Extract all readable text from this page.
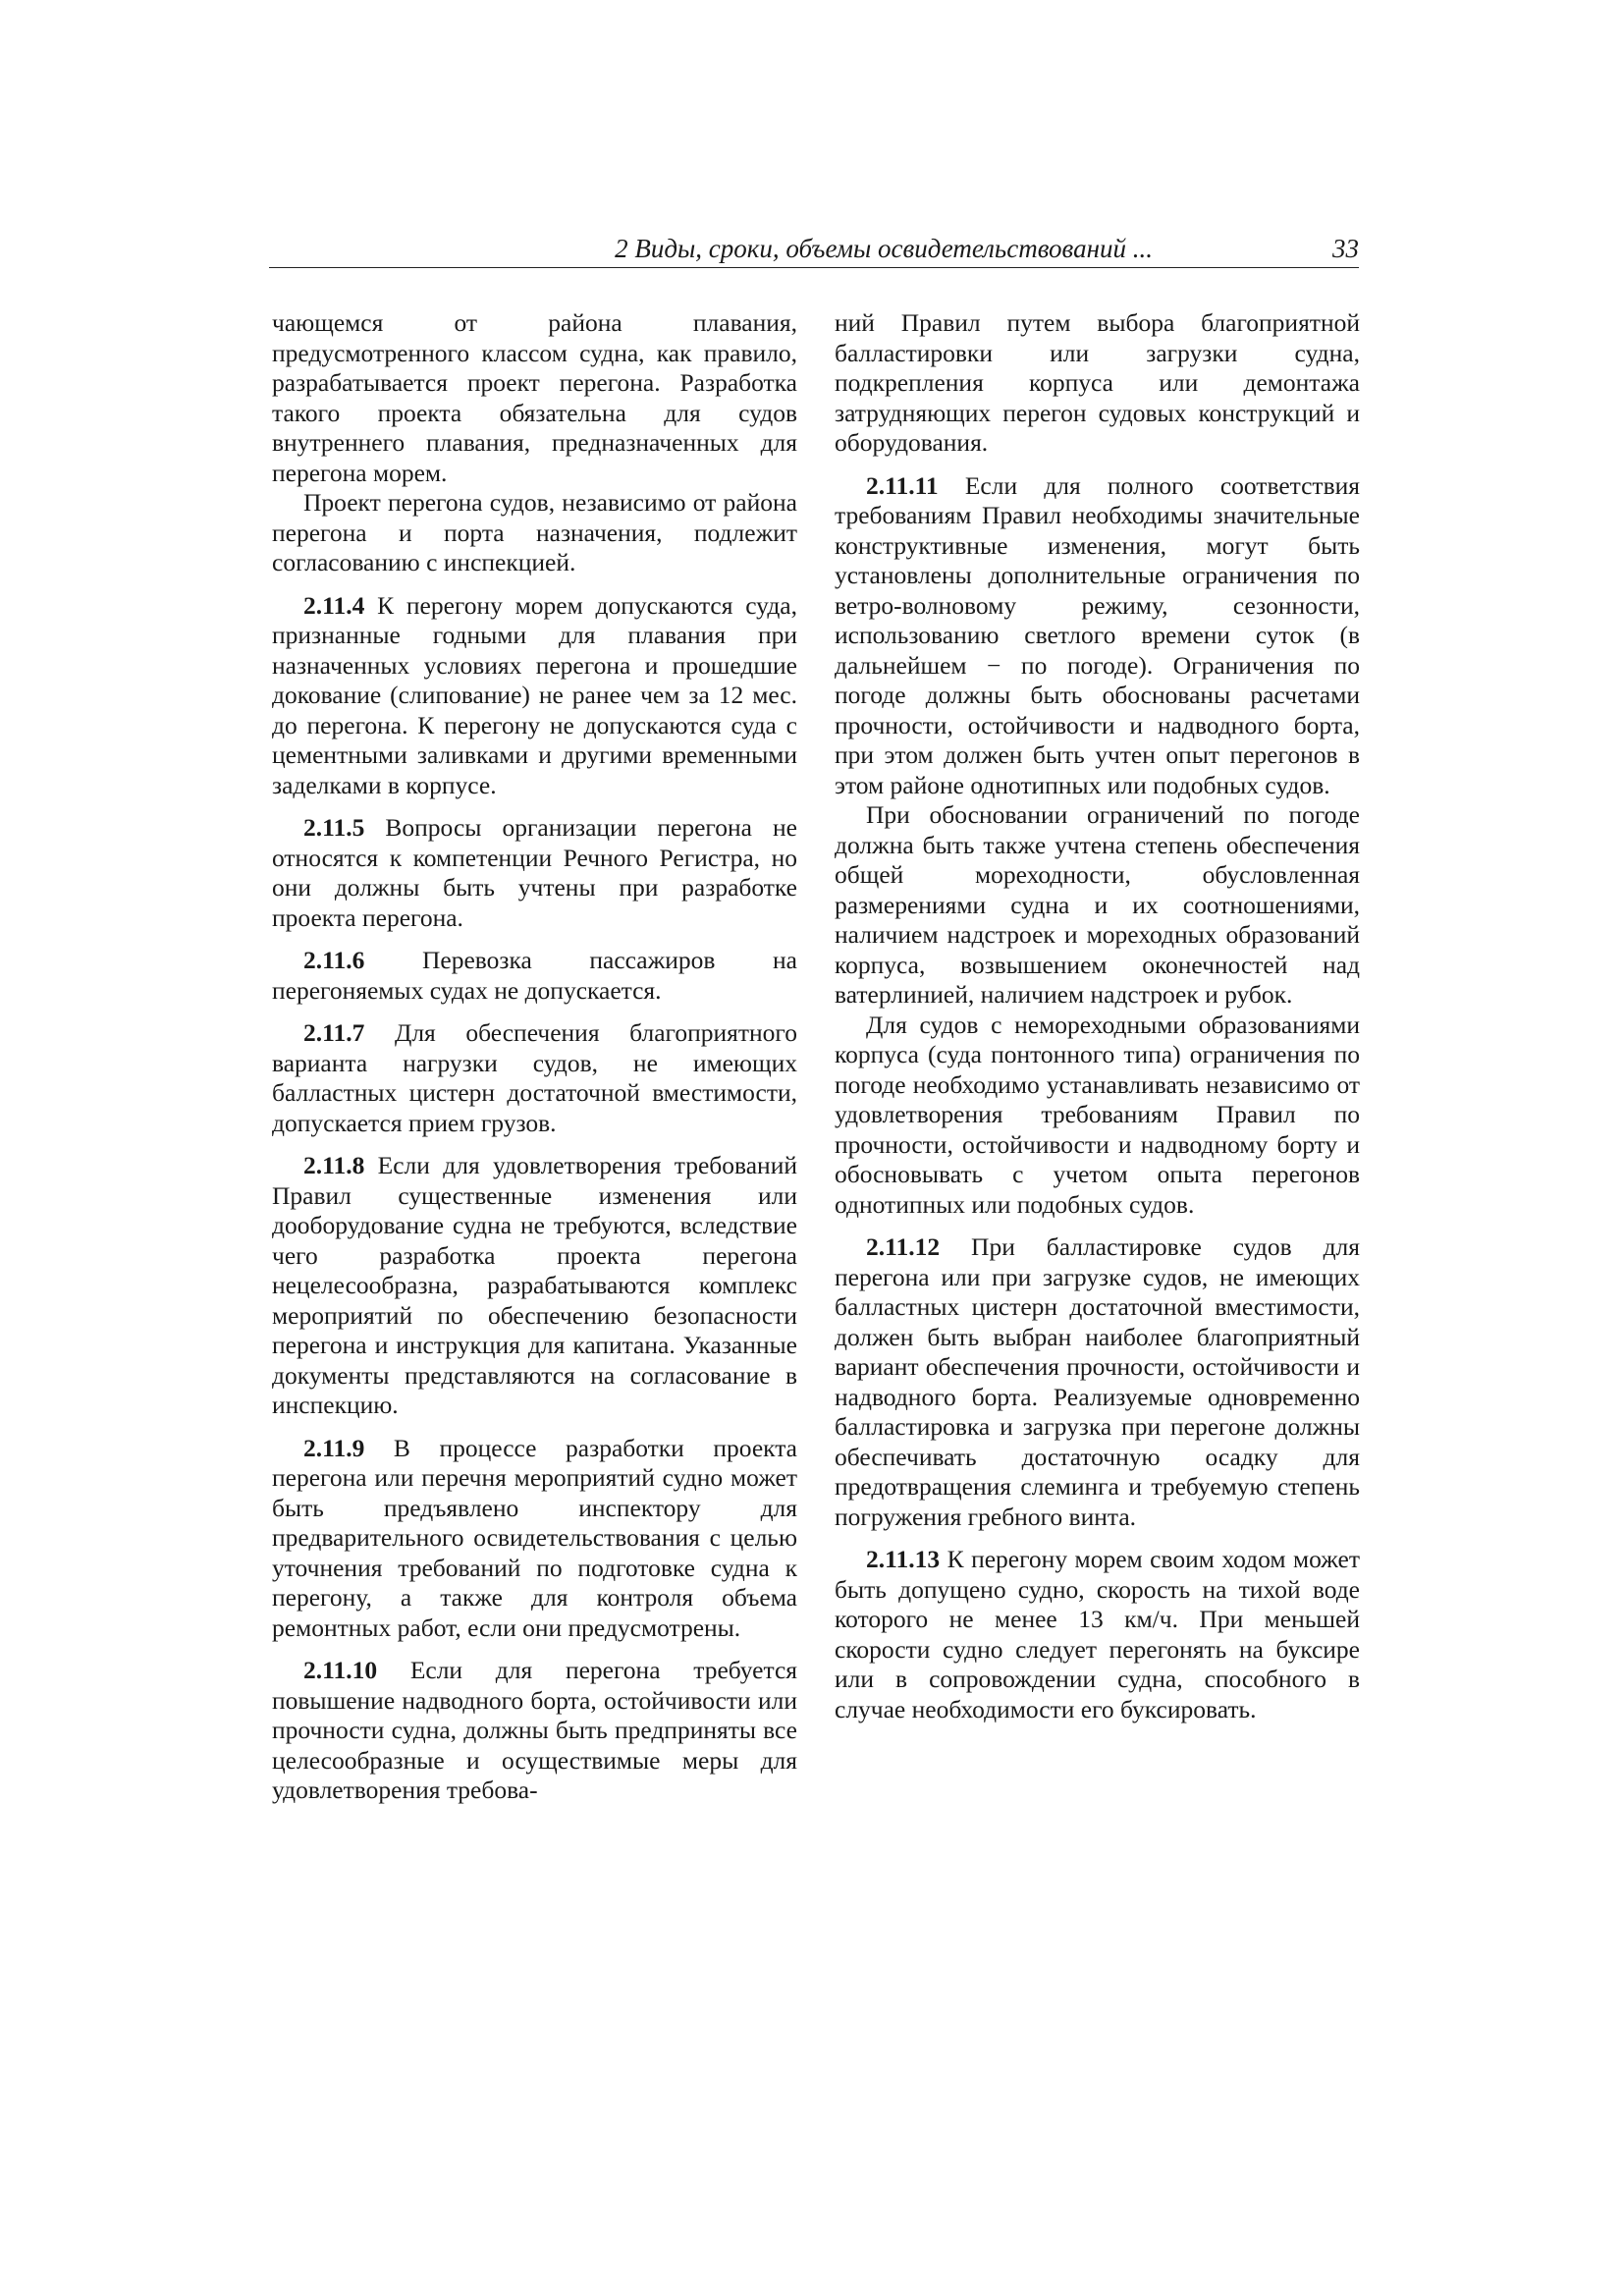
2 Виды, сроки, объемы освидетельствований ...	33

чающемся от района плавания, предусмотренного классом судна, как правило, разрабатывается проект перегона. Разработка такого проекта обязательна для судов внутреннего плавания, предназначенных для перегона морем.

Проект перегона судов, независимо от района перегона и порта назначения, подлежит согласованию с инспекцией.

2.11.4 К перегону морем допускаются суда, признанные годными для плавания при назначенных условиях перегона и прошедшие докование (слипование) не ранее чем за 12 мес. до перегона. К перегону не допускаются суда с цементными заливками и другими временными заделками в корпусе.

2.11.5 Вопросы организации перегона не относятся к компетенции Речного Регистра, но они должны быть учтены при разработке проекта перегона.

2.11.6 Перевозка пассажиров на перегоняемых судах не допускается.

2.11.7 Для обеспечения благоприятного варианта нагрузки судов, не имеющих балластных цистерн достаточной вместимости, допускается прием грузов.

2.11.8 Если для удовлетворения требований Правил существенные изменения или дооборудование судна не требуются, вследствие чего разработка проекта перегона нецелесообразна, разрабатываются комплекс мероприятий по обеспечению безопасности перегона и инструкция для капитана. Указанные документы представляются на согласование в инспекцию.

2.11.9 В процессе разработки проекта перегона или перечня мероприятий судно может быть предъявлено инспектору для предварительного освидетельствования с целью уточнения требований по подготовке судна к перегону, а также для контроля объема ремонтных работ, если они предусмотрены.

2.11.10 Если для перегона требуется повышение надводного борта, остойчивости или прочности судна, должны быть предприняты все целесообразные и осуществимые меры для удовлетворения требова-

ний Правил путем выбора благоприятной балластировки или загрузки судна, подкрепления корпуса или демонтажа затрудняющих перегон судовых конструкций и оборудования.

2.11.11 Если для полного соответствия требованиям Правил необходимы значительные конструктивные изменения, могут быть установлены дополнительные ограничения по ветро-волновому режиму, сезонности, использованию светлого времени суток (в дальнейшем − по погоде). Ограничения по погоде должны быть обоснованы расчетами прочности, остойчивости и надводного борта, при этом должен быть учтен опыт перегонов в этом районе однотипных или подобных судов.

При обосновании ограничений по погоде должна быть также учтена степень обеспечения общей мореходности, обусловленная размерениями судна и их соотношениями, наличием надстроек и мореходных образований корпуса, возвышением оконечностей над ватерлинией, наличием надстроек и рубок.

Для судов с немореходными образованиями корпуса (суда понтонного типа) ограничения по погоде необходимо устанавливать независимо от удовлетворения требованиям Правил по прочности, остойчивости и надводному борту и обосновывать с учетом опыта перегонов однотипных или подобных судов.

2.11.12 При балластировке судов для перегона или при загрузке судов, не имеющих балластных цистерн достаточной вместимости, должен быть выбран наиболее благоприятный вариант обеспечения прочности, остойчивости и надводного борта. Реализуемые одновременно балластировка и загрузка при перегоне должны обеспечивать достаточную осадку для предотвращения слеминга и требуемую степень погружения гребного винта.

2.11.13 К перегону морем своим ходом может быть допущено судно, скорость на тихой воде которого не менее 13 км/ч. При меньшей скорости судно следует перегонять на буксире или в сопровождении судна, способного в случае необходимости его буксировать.
